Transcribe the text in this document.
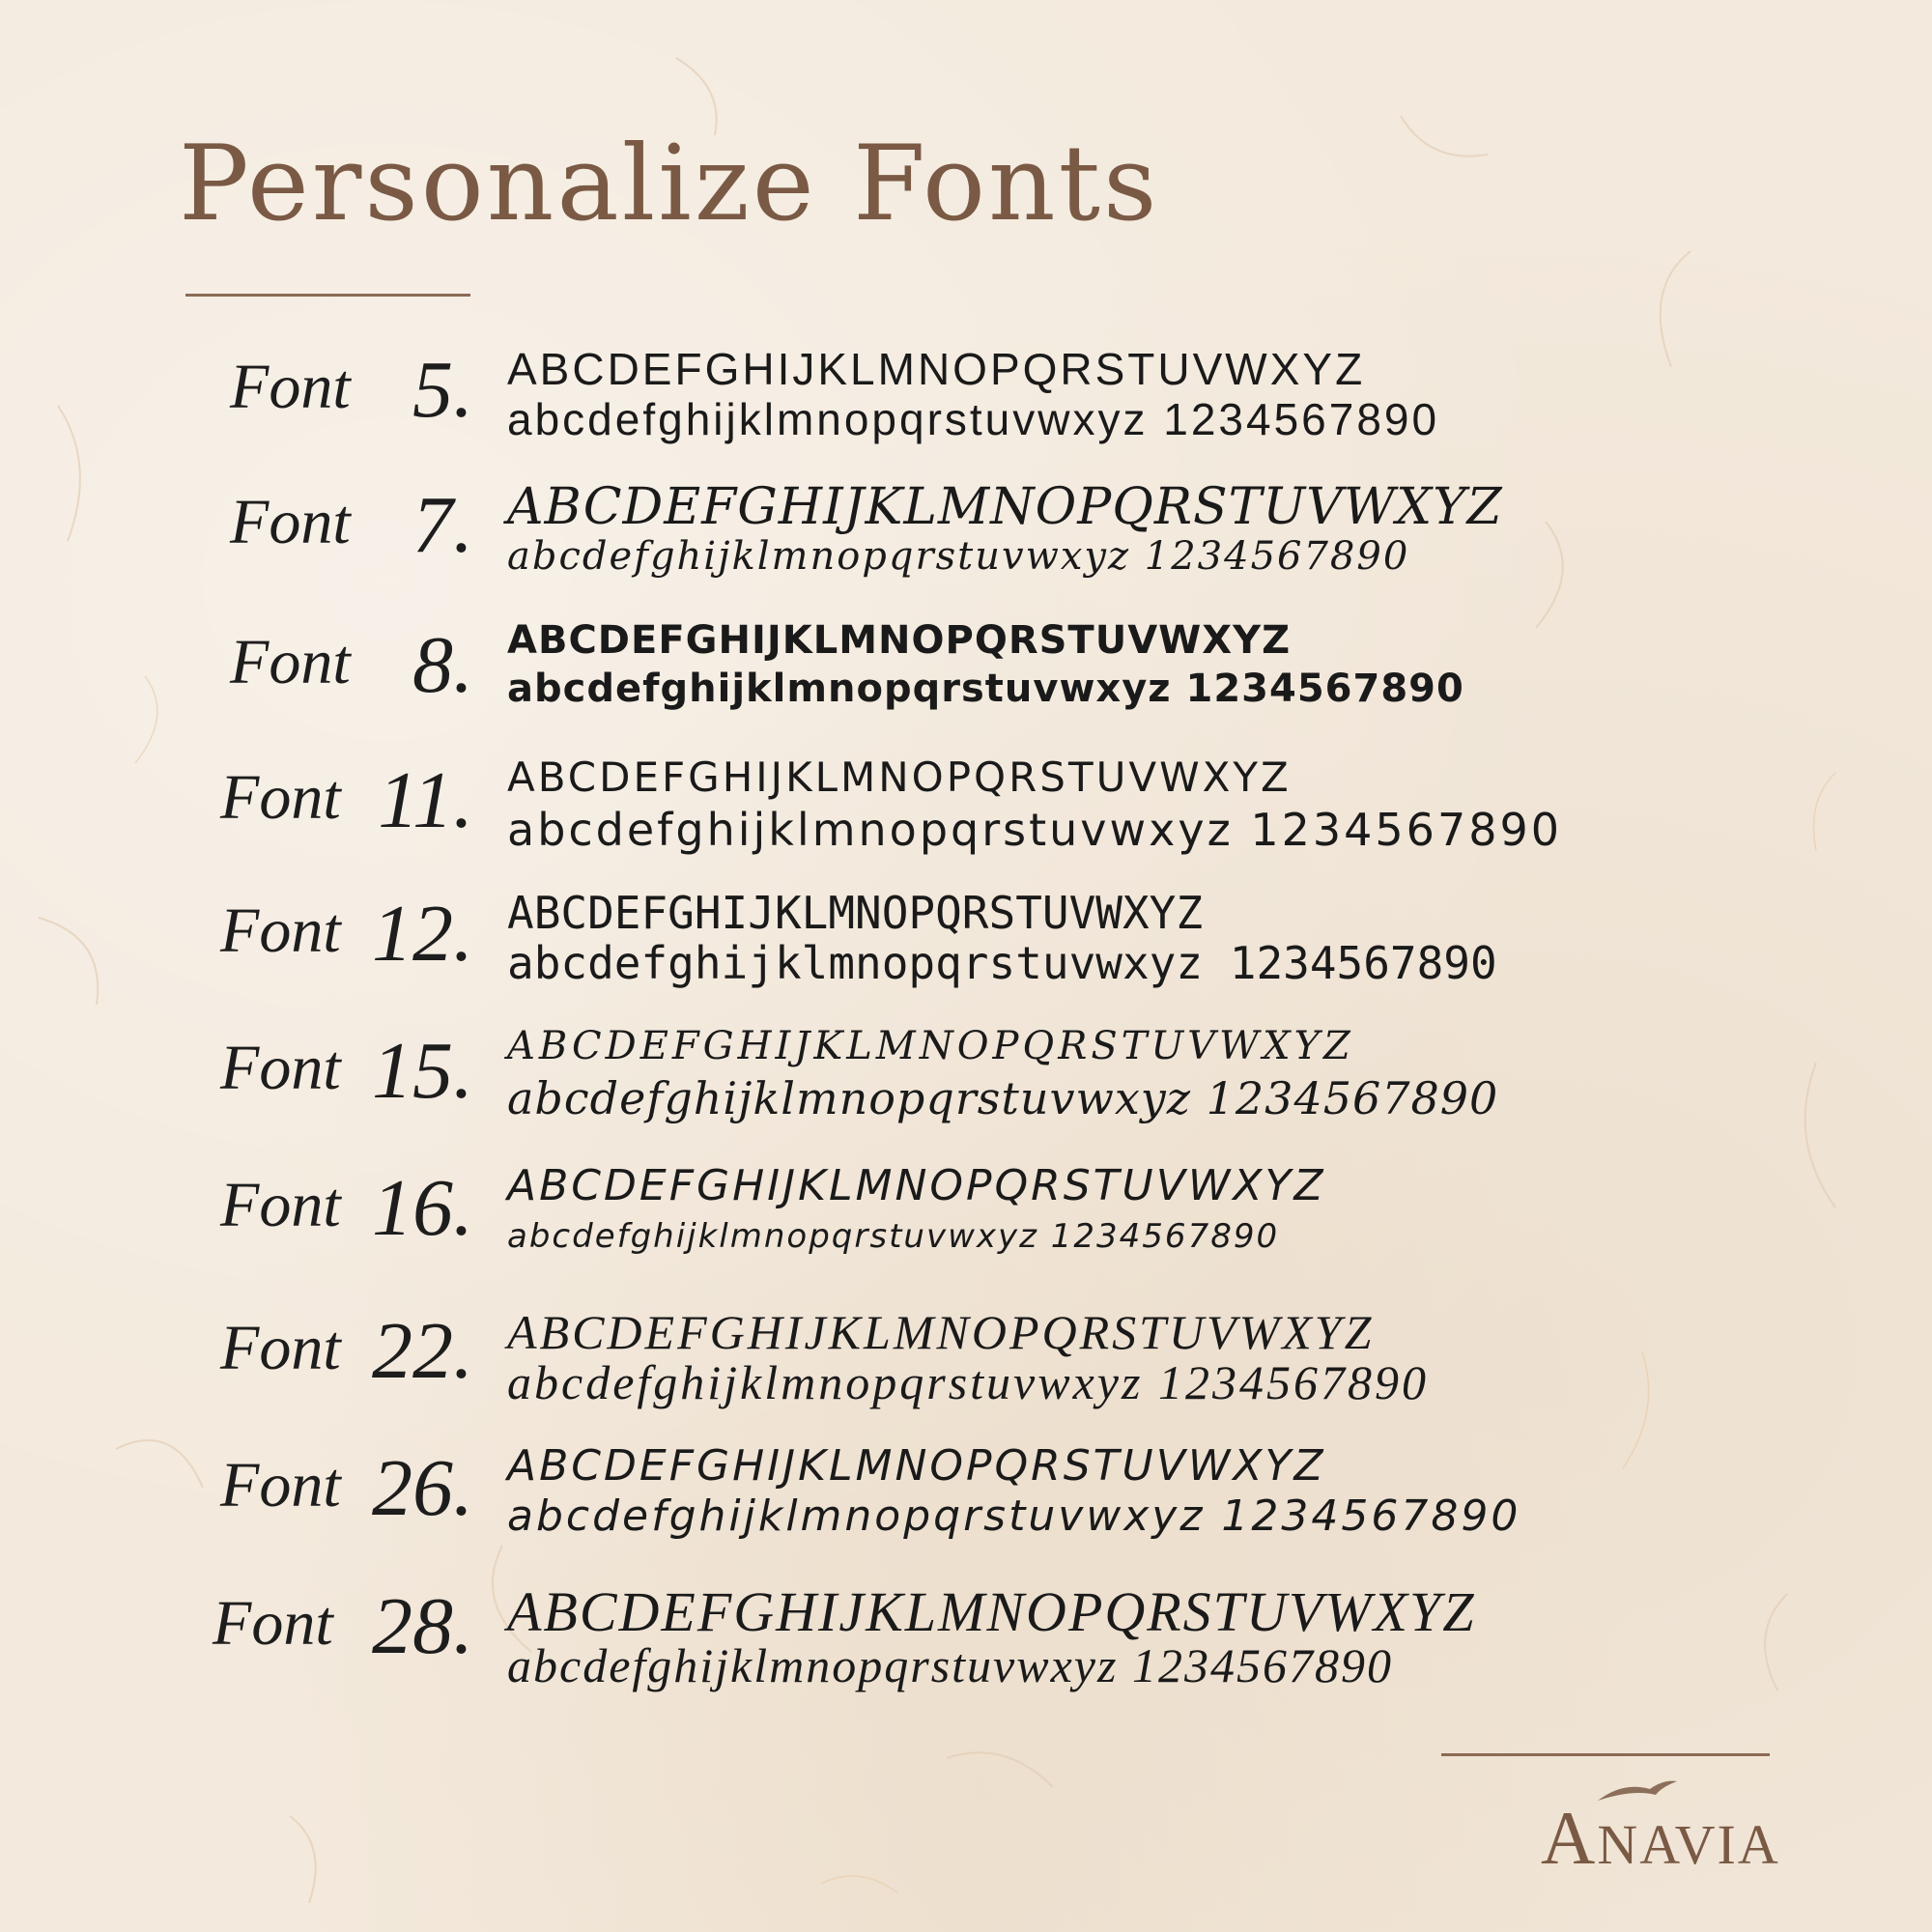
Personalize Fonts
Font 5. ABCDEFGHIJKLMNOPQRSTUVWXYZ
abcdefghijklmnopqrstuvwxyz 1234567890
Font 7. ABCDEFGHIJKLMNOPQRSTUVWXYZ
abcdefghijklmnopqrstuvwxyz 1234567890
Font 8. ABCDEFGHIJKLMNOPQRSTUVWXYZ
abcdefghijklmnopqrstuvwxyz 1234567890
Font 11. ABCDEFGHIJKLMNOPQRSTUVWXYZ
abcdefghijklmnopqrstuvwxyz 1234567890
Font 12. ABCDEFGHIJKLMNOPQRSTUVWXYZ
abcdefghijklmnopqrstuvwxyz 1234567890
Font 15. ABCDEFGHIJKLMNOPQRSTUVWXYZ
abcdefghijklmnopqrstuvwxyz 1234567890
Font 16. ABCDEFGHIJKLMNOPQRSTUVWXYZ
abcdefghijklmnopqrstuvwxyz 1234567890
Font 22. ABCDEFGHIJKLMNOPQRSTUVWXYZ
abcdefghijklmnopqrstuvwxyz 1234567890
Font 26. ABCDEFGHIJKLMNOPQRSTUVWXYZ
abcdefghijklmnopqrstuvwxyz 1234567890
Font 28. ABCDEFGHIJKLMNOPQRSTUVWXYZ
abcdefghijklmnopqrstuvwxyz 1234567890
ANAVIA
